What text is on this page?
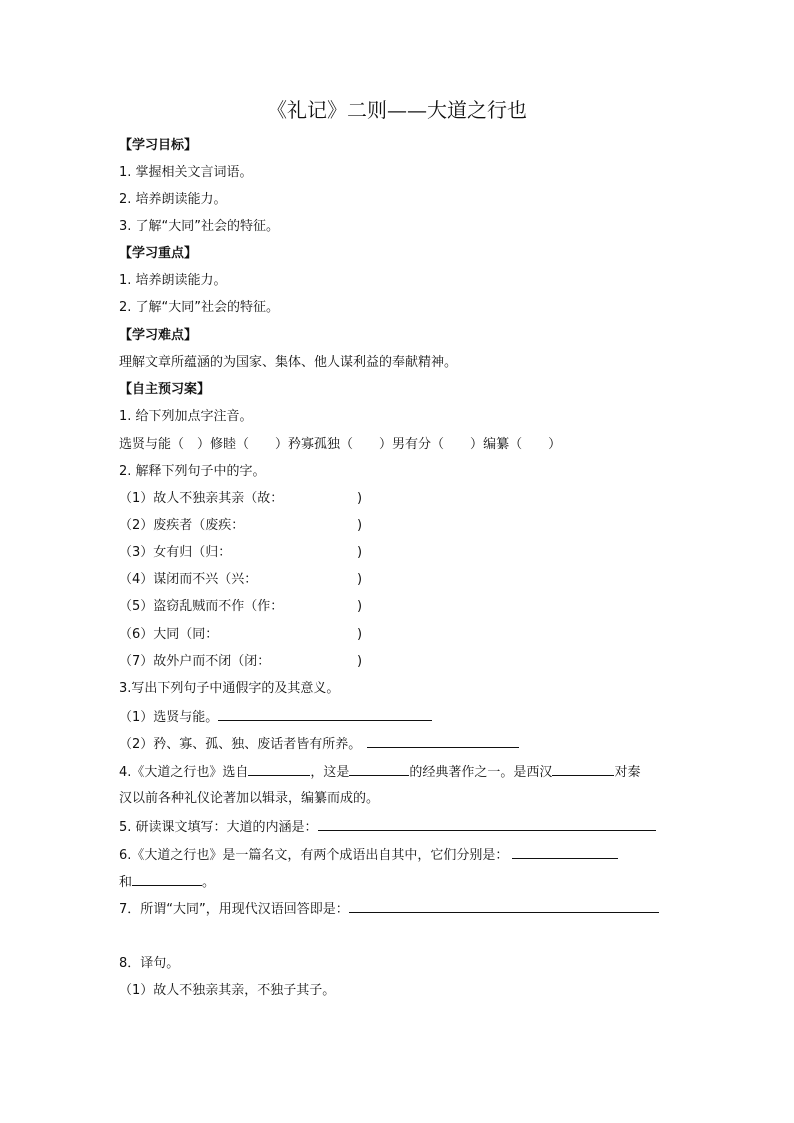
《礼记》二则——大道之行也
【学习目标】
1. 掌握相关文言词语。
2. 培养朗读能力。
3. 了解“大同”社会的特征。
【学习重点】
1. 培养朗读能力。
2. 了解“大同”社会的特征。
【学习难点】
理解文章所蕴涵的为国家、集体、他人谋利益的奉献精神。
【自主预习案】
1. 给下列加点字注音。
选贤与能（　）修睦（　　）矜寡孤独（　　）男有分（　　）编纂（　　）
2. 解释下列句子中的字。
（1）故人不独亲其亲（故：	)
（2）废疾者（废疾：	)
（3）女有归（归：	)
（4）谋闭而不兴（兴：	)
（5）盗窃乱贼而不作（作：	)
（6）大同（同：	)
（7）故外户而不闭（闭：	)
3.写出下列句子中通假字的及其意义。
（1）选贤与能。
（2）矜、寡、孤、独、废话者皆有所养。
4.《大道之行也》选自	，这是	的经典著作之一。是西汉	对秦
汉以前各种礼仪论著加以辑录，编纂而成的。
5. 研读课文填写：大道的内涵是：
6.《大道之行也》是一篇名文，有两个成语出自其中，它们分别是：
和	。
7．所谓“大同”，用现代汉语回答即是：
8．译句。
（1）故人不独亲其亲，不独子其子。
